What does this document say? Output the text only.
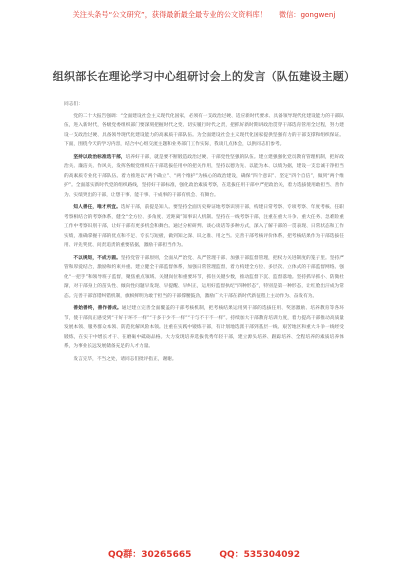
关注头条号“公文研究”，获得最新最全最专业的公文资料库！ 微信：gongwenj
组织部长在理论学习中心组研讨会上的发言（队伍建设主题）

同志们：

党的二十大报告强调：“全面建设社会主义现代化国家，必须有一支政治过硬、适应新时代要求、具备领导现代化建设能力的干部队伍，进入新时代，各级党委组织部门要深刻把握时代之变、切实履行时代之责，把抓好新时期讲政治贯穿干部选育管用全过程，努力建设一支政治过硬、具备领导现代化建设能力的高素质干部队伍。为全面建设社会主义现代化国家提供坚强有力的干部支撑和组织保证。下面，围绕今天的学习内容，结合中心组交流主题和业务部门工作实际，我谈几点体会，以供同志们参考。

坚持以政治标准选干部，培养好干部，就是要不断锻造政治过硬、干部党性坚强的队伍。建立建强强化党员教育管理机制，把好政治关、廉洁关、作风关，发挥各级党组织在干部选拔任用中的把关作用，坚持以德为先、以能为本、以绩为据，建设一支忠诚干净担当的高素质专业化干部队伍。着力推进以“两个确立”、“两个维护”为核心的政治建设，确保“四个意识”、坚定“四个自信”，做到“两个维护”。全面落实新时代党的组织路线，坚持好干部标准，强化政治素质考察，在选拔任用干部中严把政治关，着力选拔使用敢担当、善作为、实绩突出的干部，让想干事、能干事、干成事的干部有机会、有舞台。

知人善任，唯才所宜。选好干部，前提是知人。要坚持全面历史辩证地考察识别干部，构建日常考察、专项考察、年度考核、任职考察相结合的考察体系，健全“全方位、多角度、近距离”知事识人机制。坚持在一线考察干部，注重在重大斗争、重大任务、急难险重工作中考察识别干部，让好干部有更多机会和舞台。通过分析研判、谈心谈话等多种方式，深入了解干部的一贯表现、日常状态和工作实绩，准确掌握干部的优点和不足、专长与短板，做到知之深、识之准、用之当。完善干部考核评价体系，把考核结果作为干部选拔任用、评先奖优、问责追责的重要依据，激励干部担当作为。

不以规矩，不成方圆。坚持党管干部原则，全面从严治党、从严管理干部、加强干部监督管理，把权力关进制度的笼子里。坚持严管和厚爱结合，激励和约束并重。建立健全干部监督体系，加强日常管理监督，着力构建全方位、多层次、立体式的干部监督网络。强化“一把手”和领导班子监督，聚焦重点领域、关键岗位和重要环节，抓住关键少数，推动监督下沉、监督落地。坚持抓早抓小、防微杜渐，对干部身上的苗头性、倾向性问题早发现、早提醒、早纠正，运用好监督执纪“四种形态”，特别是第一种形态，让红脸出汗成为常态。完善干部容错纠错机制，旗帜鲜明为敢于担当的干部撑腰鼓劲，激励广大干部在新时代新征程上主动作为、奋发有为。

善始善终，善作善成。通过建立完善全面覆盖的干部考核机制，把考核结果运用到干部的选拔任用、奖惩激励、培养教育等各环节，使干部真正感受到“干好干坏不一样”“干多干少不一样”“干与不干不一样”。持续加大干部教育培训力度，着力提高干部推动高质量发展本领、服务群众本领、防范化解风险本领。注重在实践中锻炼干部，有计划地选派干部到基层一线、艰苦地区和重大斗争一线经受锻炼，在实干中增长才干、在磨砺中砥砺品格。大力发现培养选拔优秀年轻干部，建立源头培养、跟踪培养、全程培养的素质培养体系，为事业长远发展储备充足的人才力量。

发言完毕，不当之处，请同志们批评指正，谢谢。

QQ群：30265665	QQ：535304092
